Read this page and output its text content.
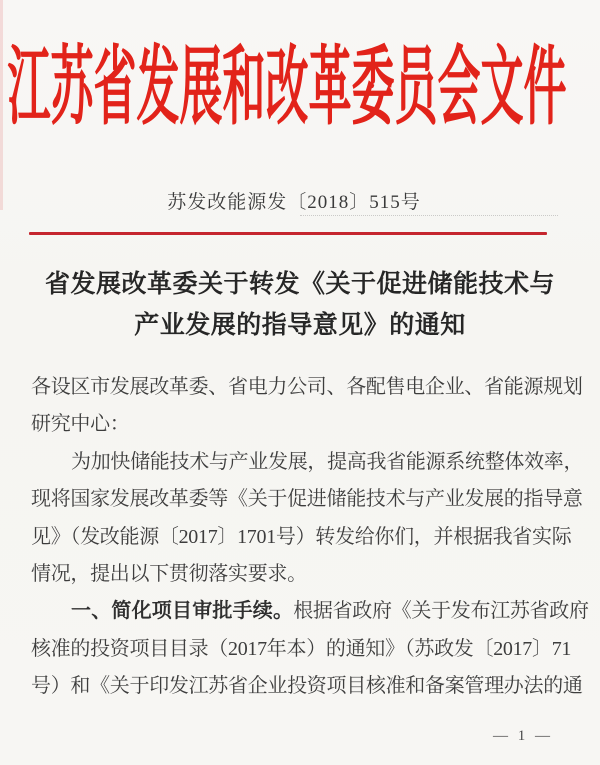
江苏省发展和改革委员会文件
苏发改能源发〔2018〕515号
省发展改革委关于转发《关于促进储能技术与
产业发展的指导意见》的通知
各设区市发展改革委、省电力公司、各配售电企业、省能源规划
研究中心：
为加快储能技术与产业发展，提高我省能源系统整体效率，
现将国家发展改革委等《关于促进储能技术与产业发展的指导意
见》（发改能源〔2017〕1701号）转发给你们，并根据我省实际
情况，提出以下贯彻落实要求。
一、简化项目审批手续。根据省政府《关于发布江苏省政府
核准的投资项目目录（2017年本）的通知》（苏政发〔2017〕71
号）和《关于印发江苏省企业投资项目核准和备案管理办法的通
— 1 —
